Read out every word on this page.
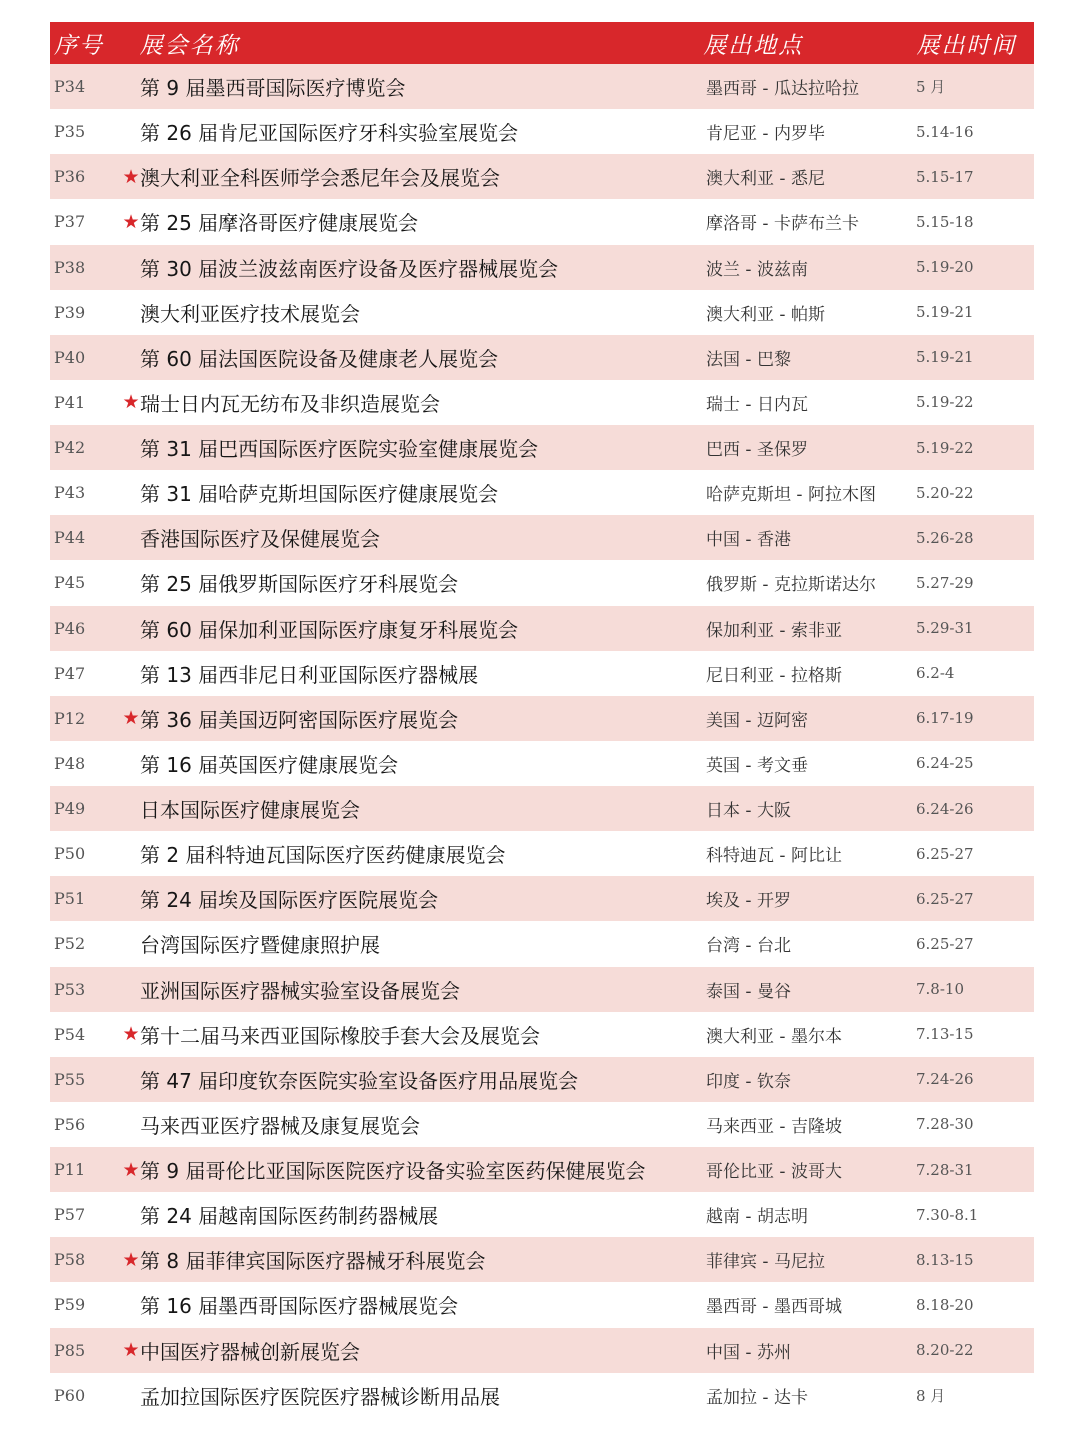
序号	展会名称	展出地点	展出时间
P34	第 9 届墨西哥国际医疗博览会	墨西哥 - 瓜达拉哈拉	5 月
P35	第 26 届肯尼亚国际医疗牙科实验室展览会	肯尼亚 - 内罗毕	5.14-16
P36	★ 澳大利亚全科医师学会悉尼年会及展览会	澳大利亚 - 悉尼	5.15-17
P37	★ 第 25 届摩洛哥医疗健康展览会	摩洛哥 - 卡萨布兰卡	5.15-18
P38	第 30 届波兰波兹南医疗设备及医疗器械展览会	波兰 - 波兹南	5.19-20
P39	澳大利亚医疗技术展览会	澳大利亚 - 帕斯	5.19-21
P40	第 60 届法国医院设备及健康老人展览会	法国 - 巴黎	5.19-21
P41	★ 瑞士日内瓦无纺布及非织造展览会	瑞士 - 日内瓦	5.19-22
P42	第 31 届巴西国际医疗医院实验室健康展览会	巴西 - 圣保罗	5.19-22
P43	第 31 届哈萨克斯坦国际医疗健康展览会	哈萨克斯坦 - 阿拉木图	5.20-22
P44	香港国际医疗及保健展览会	中国 - 香港	5.26-28
P45	第 25 届俄罗斯国际医疗牙科展览会	俄罗斯 - 克拉斯诺达尔	5.27-29
P46	第 60 届保加利亚国际医疗康复牙科展览会	保加利亚 - 索非亚	5.29-31
P47	第 13 届西非尼日利亚国际医疗器械展	尼日利亚 - 拉格斯	6.2-4
P12	★ 第 36 届美国迈阿密国际医疗展览会	美国 - 迈阿密	6.17-19
P48	第 16 届英国医疗健康展览会	英国 - 考文垂	6.24-25
P49	日本国际医疗健康展览会	日本 - 大阪	6.24-26
P50	第 2 届科特迪瓦国际医疗医药健康展览会	科特迪瓦 - 阿比让	6.25-27
P51	第 24 届埃及国际医疗医院展览会	埃及 - 开罗	6.25-27
P52	台湾国际医疗暨健康照护展	台湾 - 台北	6.25-27
P53	亚洲国际医疗器械实验室设备展览会	泰国 - 曼谷	7.8-10
P54	★ 第十二届马来西亚国际橡胶手套大会及展览会	澳大利亚 - 墨尔本	7.13-15
P55	第 47 届印度钦奈医院实验室设备医疗用品展览会	印度 - 钦奈	7.24-26
P56	马来西亚医疗器械及康复展览会	马来西亚 - 吉隆坡	7.28-30
P11	★ 第 9 届哥伦比亚国际医院医疗设备实验室医药保健展览会	哥伦比亚 - 波哥大	7.28-31
P57	第 24 届越南国际医药制药器械展	越南 - 胡志明	7.30-8.1
P58	★ 第 8 届菲律宾国际医疗器械牙科展览会	菲律宾 - 马尼拉	8.13-15
P59	第 16 届墨西哥国际医疗器械展览会	墨西哥 - 墨西哥城	8.18-20
P85	★ 中国医疗器械创新展览会	中国 - 苏州	8.20-22
P60	孟加拉国际医疗医院医疗器械诊断用品展	孟加拉 - 达卡	8 月
